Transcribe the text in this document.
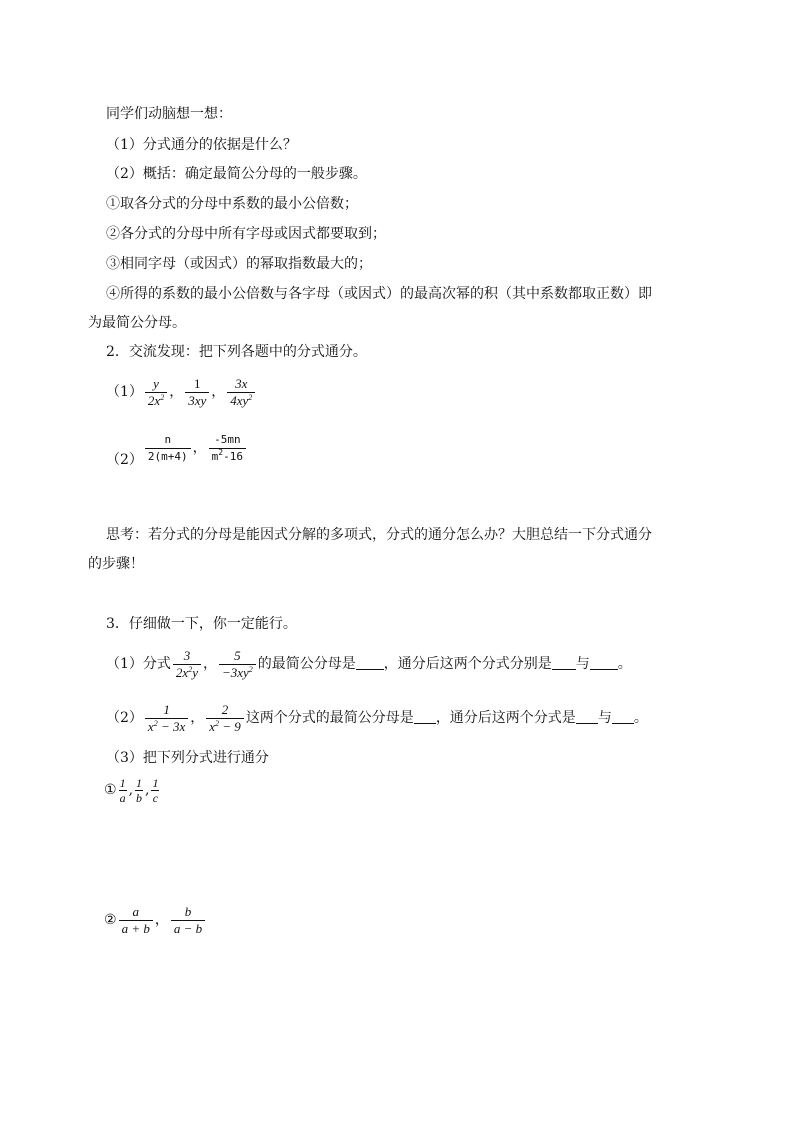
同学们动脑想一想：
（1）分式通分的依据是什么？
（2）概括：确定最简公分母的一般步骤。
①取各分式的分母中系数的最小公倍数；
②各分式的分母中所有字母或因式都要取到；
③相同字母（或因式）的幂取指数最大的；
④所得的系数的最小公倍数与各字母（或因式）的最高次幂的积（其中系数都取正数）即
为最简公分母。
2．交流发现：把下列各题中的分式通分。
$(1) \frac{y}{2x^2}$ ， $\frac{1}{3xy}$ ， $\frac{3x}{4xy^2}$
$(2) \frac{n}{2(m+4)}$ ， $\frac{-5mn}{m^2-16}$
思考：若分式的分母是能因式分解的多项式，分式的通分怎么办？大胆总结一下分式通分
的步骤！
3．仔细做一下，你一定能行。
（1）分式 $\frac{3}{2x^2y}$ ， $\frac{5}{-3xy^2}$ 的最简公分母是 ，通分后这两个分式分别是 与 。
$(2) \frac{1}{x^2 - 3x}$ ， $\frac{2}{x^2 - 9}$ 这两个分式的最简公分母是 ，通分后这两个分式是 与 。
（3）把下列分式进行通分
① $\frac{1}{a}$ , $\frac{1}{b}$ , $\frac{1}{c}$
② $\frac{a}{a + b}$ ， $\frac{b}{a - b}$
